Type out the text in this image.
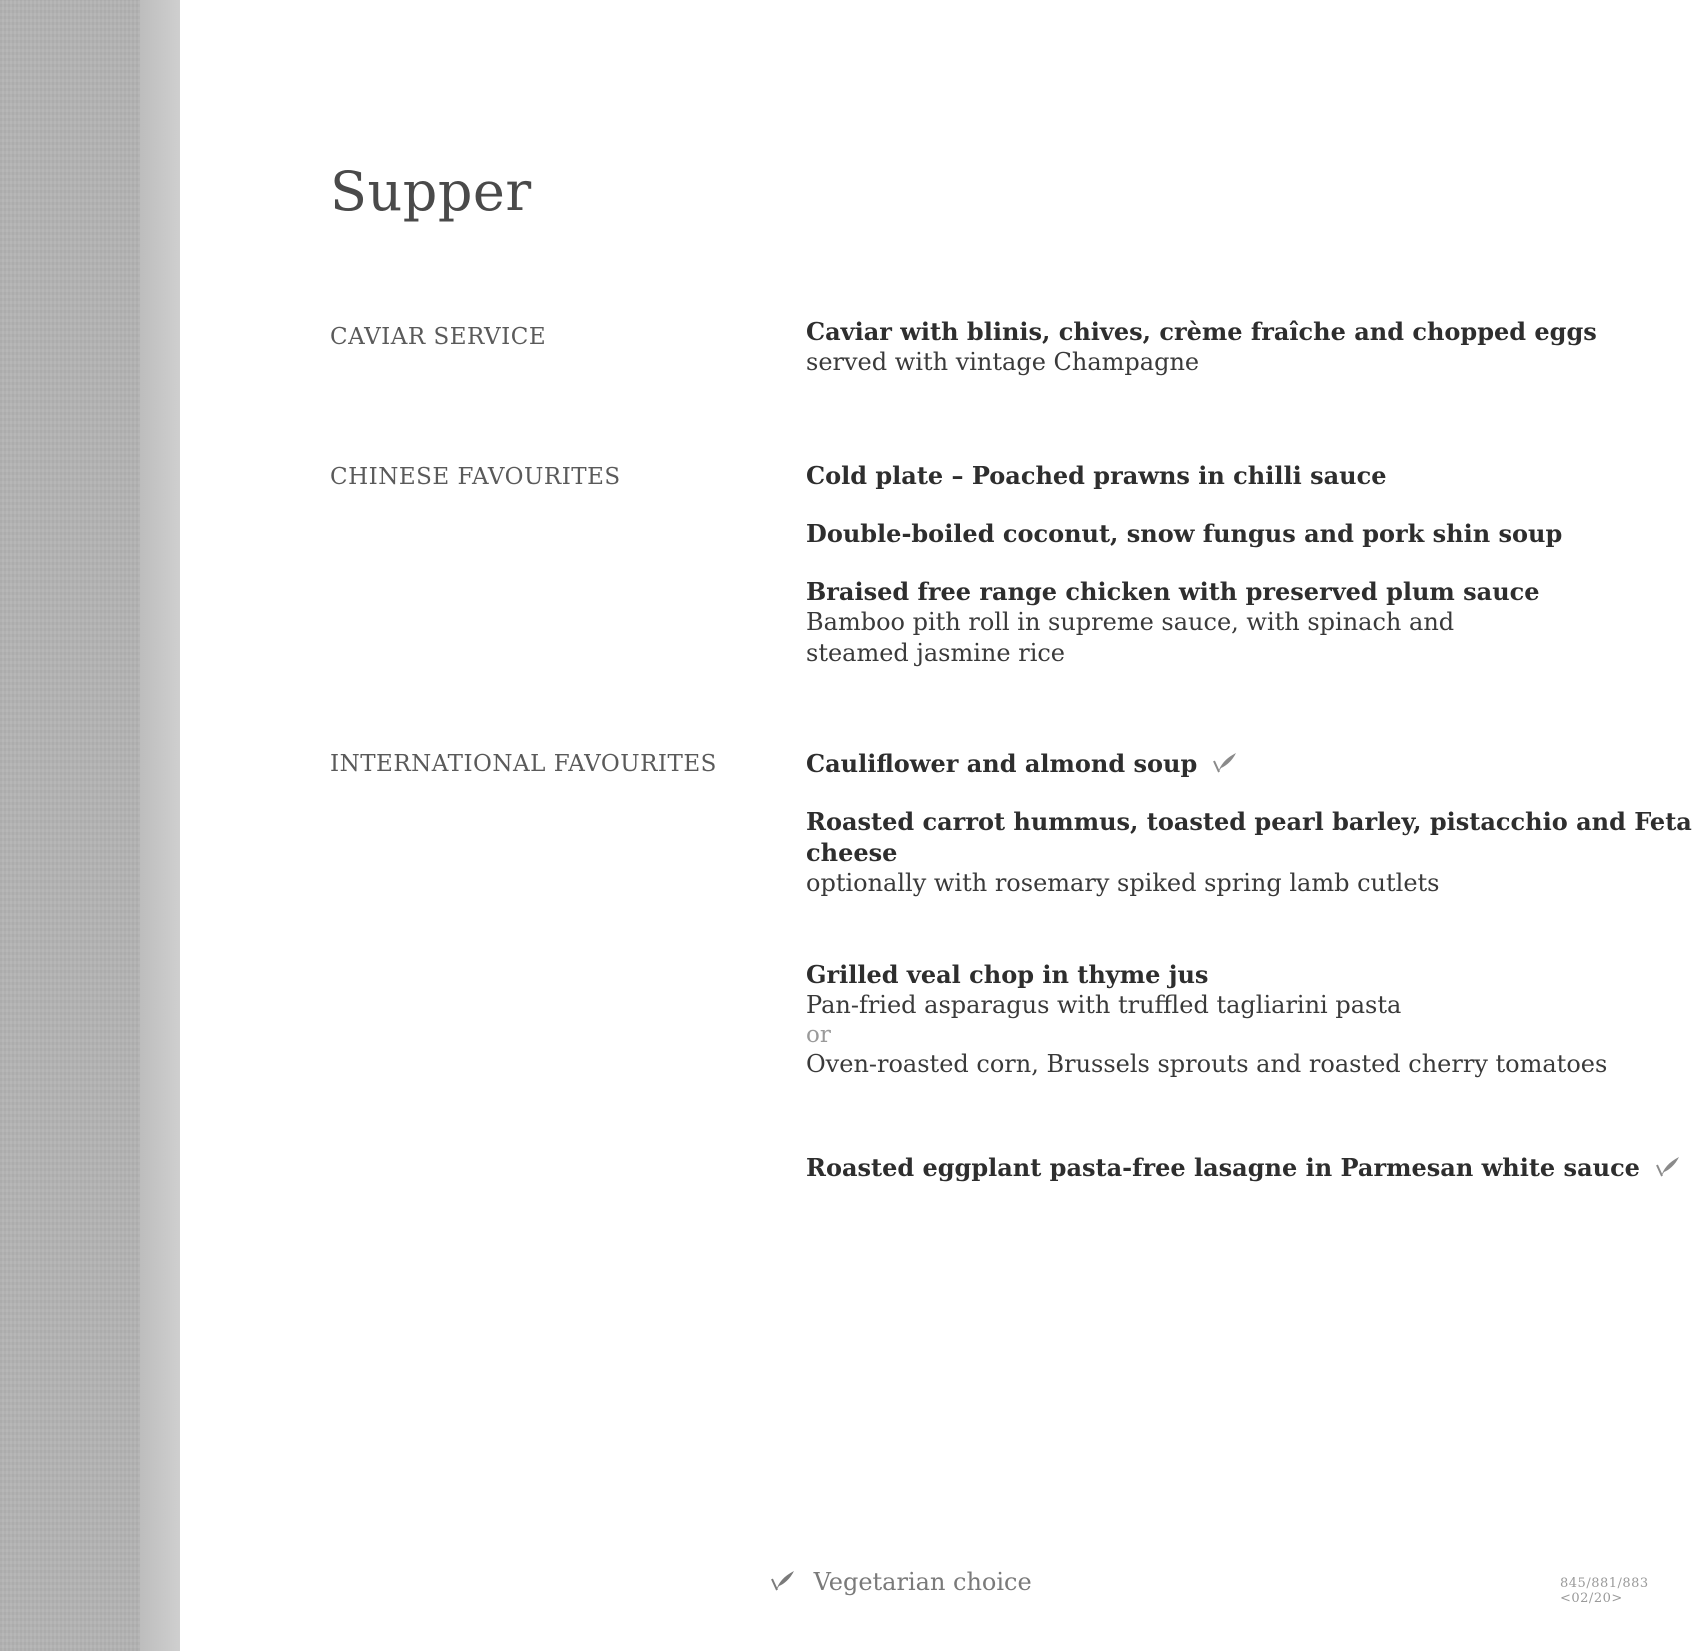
Supper
CAVIAR SERVICE	Caviar with blinis, chives, crème fraîche and chopped eggs
served with vintage Champagne
CHINESE FAVOURITES	Cold plate – Poached prawns in chilli sauce
Double-boiled coconut, snow fungus and pork shin soup
Braised free range chicken with preserved plum sauce
Bamboo pith roll in supreme sauce, with spinach and
steamed jasmine rice
INTERNATIONAL FAVOURITES	Cauliflower and almond soup
Roasted carrot hummus, toasted pearl barley, pistacchio and Feta cheese
optionally with rosemary spiked spring lamb cutlets
Grilled veal chop in thyme jus
Pan-fried asparagus with truffled tagliarini pasta
or
Oven-roasted corn, Brussels sprouts and roasted cherry tomatoes
Roasted eggplant pasta-free lasagne in Parmesan white sauce
Vegetarian choice	845/881/883 <02/20>
